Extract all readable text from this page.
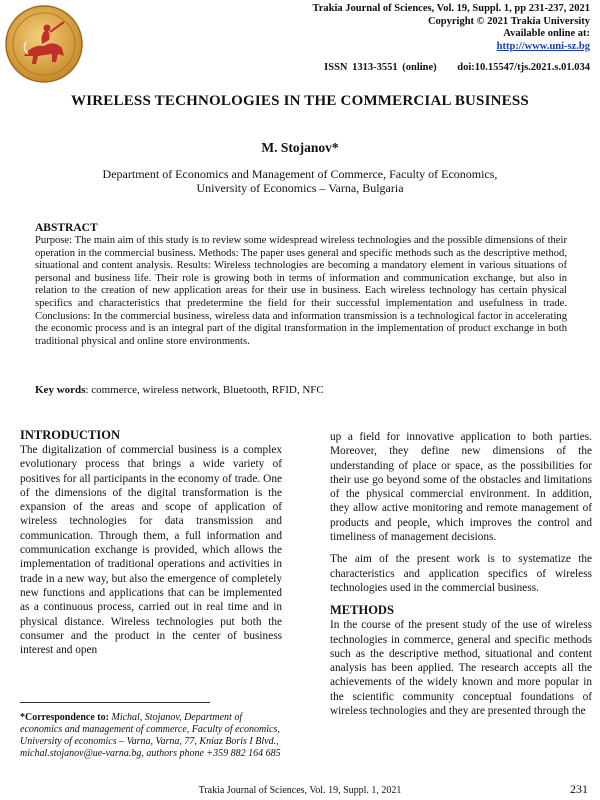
Trakia Journal of Sciences, Vol. 19, Suppl. 1, pp 231-237, 2021
Copyright © 2021 Trakia University
Available online at:
http://www.uni-sz.bg
ISSN 1313-3551 (online) doi:10.15547/tjs.2021.s.01.034
WIRELESS TECHNOLOGIES IN THE COMMERCIAL BUSINESS
M. Stojanov*
Department of Economics and Management of Commerce, Faculty of Economics,
University of Economics – Varna, Bulgaria
ABSTRACT
Purpose: The main aim of this study is to review some widespread wireless technologies and the possible dimensions of their operation in the commercial business. Methods: The paper uses general and specific methods such as the descriptive method, situational and content analysis. Results: Wireless technologies are becoming a mandatory element in various situations of personal and business life. Their role is growing both in terms of information and communication exchange, but also in relation to the creation of new application areas for their use in business. Each wireless technology has certain physical specifics and characteristics that predetermine the field for their successful implementation and usefulness in trade. Conclusions: In the commercial business, wireless data and information transmission is a technological factor in accelerating the economic process and is an integral part of the digital transformation in the implementation of product exchange in both traditional physical and online store environments.
Key words: commerce, wireless network, Bluetooth, RFID, NFC
INTRODUCTION

The digitalization of commercial business is a complex evolutionary process that brings a wide variety of positives for all participants in the economy of trade. One of the dimensions of the digital transformation is the expansion of the areas and scope of application of wireless technologies for data transmission and communication. Through them, a full information and communication exchange is provided, which allows the implementation of traditional operations and activities in trade in a new way, but also the emergence of completely new functions and applications that can be implemented as a continuous process, carried out in real time and in physical distance. Wireless technologies put both the consumer and the product in the center of business interest and open

up a field for innovative application to both parties. Moreover, they define new dimensions of the understanding of place or space, as the possibilities for their use go beyond some of the obstacles and limitations of the physical commercial environment. In addition, they allow active monitoring and remote management of products and people, which improves the control and timeliness of management decisions.

The aim of the present work is to systematize the characteristics and application specifics of wireless technologies used in the commercial business.

METHODS

In the course of the present study of the use of wireless technologies in commerce, general and specific methods such as the descriptive method, situational and content analysis has been applied. The research accepts all the achievements of the widely known and more popular in the scientific community conceptual foundations of wireless technologies and they are presented through the

*Correspondence to: Michal, Stojanov, Department of economics and management of commerce, Faculty of economics, University of economics – Varna, Varna, 77, Kniaz Boris I Blvd., michal.stojanov@ue-varna.bg, authors phone +359 882 164 685
Trakia Journal of Sciences, Vol. 19, Suppl. 1, 2021	231
